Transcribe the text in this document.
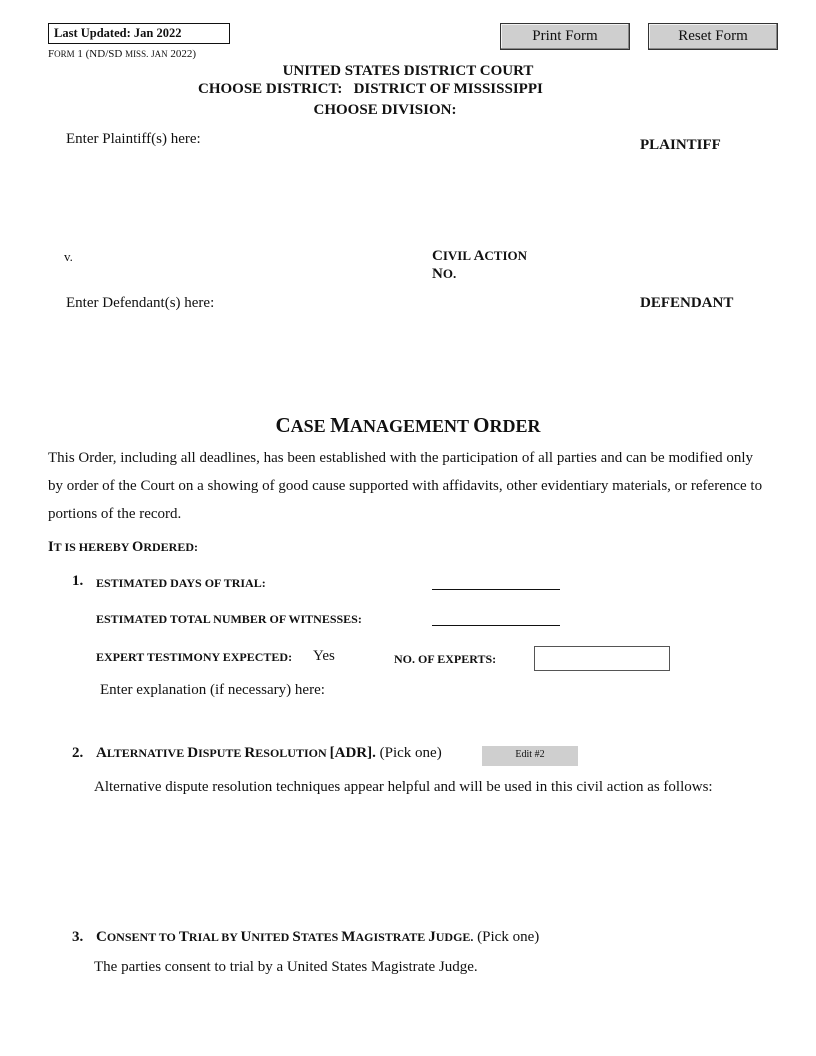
Last Updated: Jan 2022
FORM 1 (ND/SD MISS. JAN 2022)
Print Form	Reset Form
UNITED STATES DISTRICT COURT
CHOOSE DISTRICT:   DISTRICT OF MISSISSIPPI
CHOOSE DIVISION:
Enter Plaintiff(s) here:	PLAINTIFF
v.	CIVIL ACTION
NO.
Enter Defendant(s) here:	DEFENDANT
CASE MANAGEMENT ORDER
This Order, including all deadlines, has been established with the participation of all parties and can be modified only by order of the Court on a showing of good cause supported with affidavits, other evidentiary materials, or reference to portions of the record.
IT IS HEREBY ORDERED:
1. ESTIMATED DAYS OF TRIAL:
ESTIMATED TOTAL NUMBER OF WITNESSES:
EXPERT TESTIMONY EXPECTED: Yes	NO. OF EXPERTS:
Enter explanation (if necessary) here:
2. ALTERNATIVE DISPUTE RESOLUTION [ADR]. (Pick one)	Edit #2
Alternative dispute resolution techniques appear helpful and will be used in this civil action as follows:
3. CONSENT TO TRIAL BY UNITED STATES MAGISTRATE JUDGE. (Pick one)
The parties consent to trial by a United States Magistrate Judge.
